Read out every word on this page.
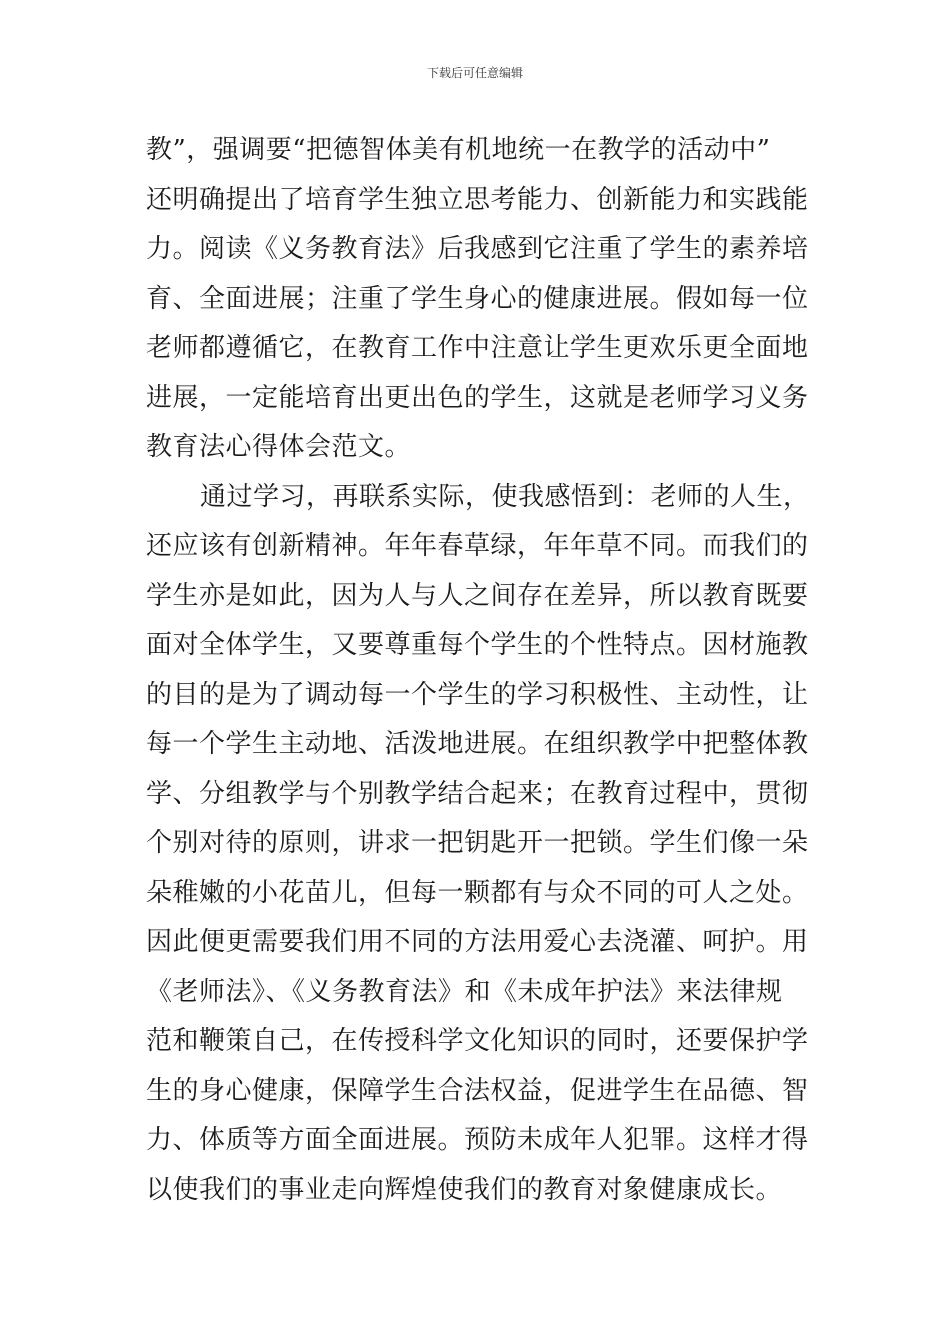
下载后可任意编辑
教”，强调要“把德智体美有机地统一在教学的活动中”
还明确提出了培育学生独立思考能力、创新能力和实践能
力。阅读《义务教育法》后我感到它注重了学生的素养培
育、全面进展；注重了学生身心的健康进展。假如每一位
老师都遵循它，在教育工作中注意让学生更欢乐更全面地
进展，一定能培育出更出色的学生，这就是老师学习义务
教育法心得体会范文。
通过学习，再联系实际，使我感悟到：老师的人生，
还应该有创新精神。年年春草绿，年年草不同。而我们的
学生亦是如此，因为人与人之间存在差异，所以教育既要
面对全体学生，又要尊重每个学生的个性特点。因材施教
的目的是为了调动每一个学生的学习积极性、主动性，让
每一个学生主动地、活泼地进展。在组织教学中把整体教
学、分组教学与个别教学结合起来；在教育过程中，贯彻
个别对待的原则，讲求一把钥匙开一把锁。学生们像一朵
朵稚嫩的小花苗儿，但每一颗都有与众不同的可人之处。
因此便更需要我们用不同的方法用爱心去浇灌、呵护。用
《老师法》、《义务教育法》和《未成年护法》来法律规
范和鞭策自己，在传授科学文化知识的同时，还要保护学
生的身心健康，保障学生合法权益，促进学生在品德、智
力、体质等方面全面进展。预防未成年人犯罪。这样才得
以使我们的事业走向辉煌使我们的教育对象健康成长。
